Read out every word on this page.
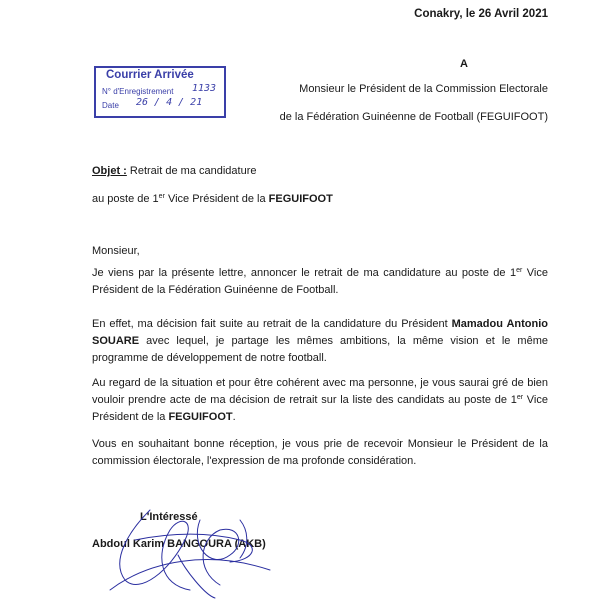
Conakry, le 26 Avril 2021
A
Monsieur le Président de la Commission Electorale
de la Fédération Guinéenne de Football (FEGUIFOOT)
Courrier Arrivée
N° d'Enregistrement 1133
Date 26 / 4 / 21
Objet : Retrait de ma candidature
au poste de 1er Vice Président de la FEGUIFOOT
Monsieur,
Je viens par la présente lettre, annoncer le retrait de ma candidature au poste de 1er Vice Président de la Fédération Guinéenne de Football.
En effet, ma décision fait suite au retrait de la candidature du Président Mamadou Antonio SOUARE avec lequel, je partage les mêmes ambitions, la même vision et le même programme de développement de notre football.
Au regard de la situation et pour être cohérent avec ma personne, je vous saurai gré de bien vouloir prendre acte de ma décision de retrait sur la liste des candidats au poste de 1er Vice Président de la FEGUIFOOT.
Vous en souhaitant bonne réception, je vous prie de recevoir Monsieur le Président de la commission électorale, l'expression de ma profonde considération.
L'Intéressé
Abdoul Karim BANGOURA (AKB)
